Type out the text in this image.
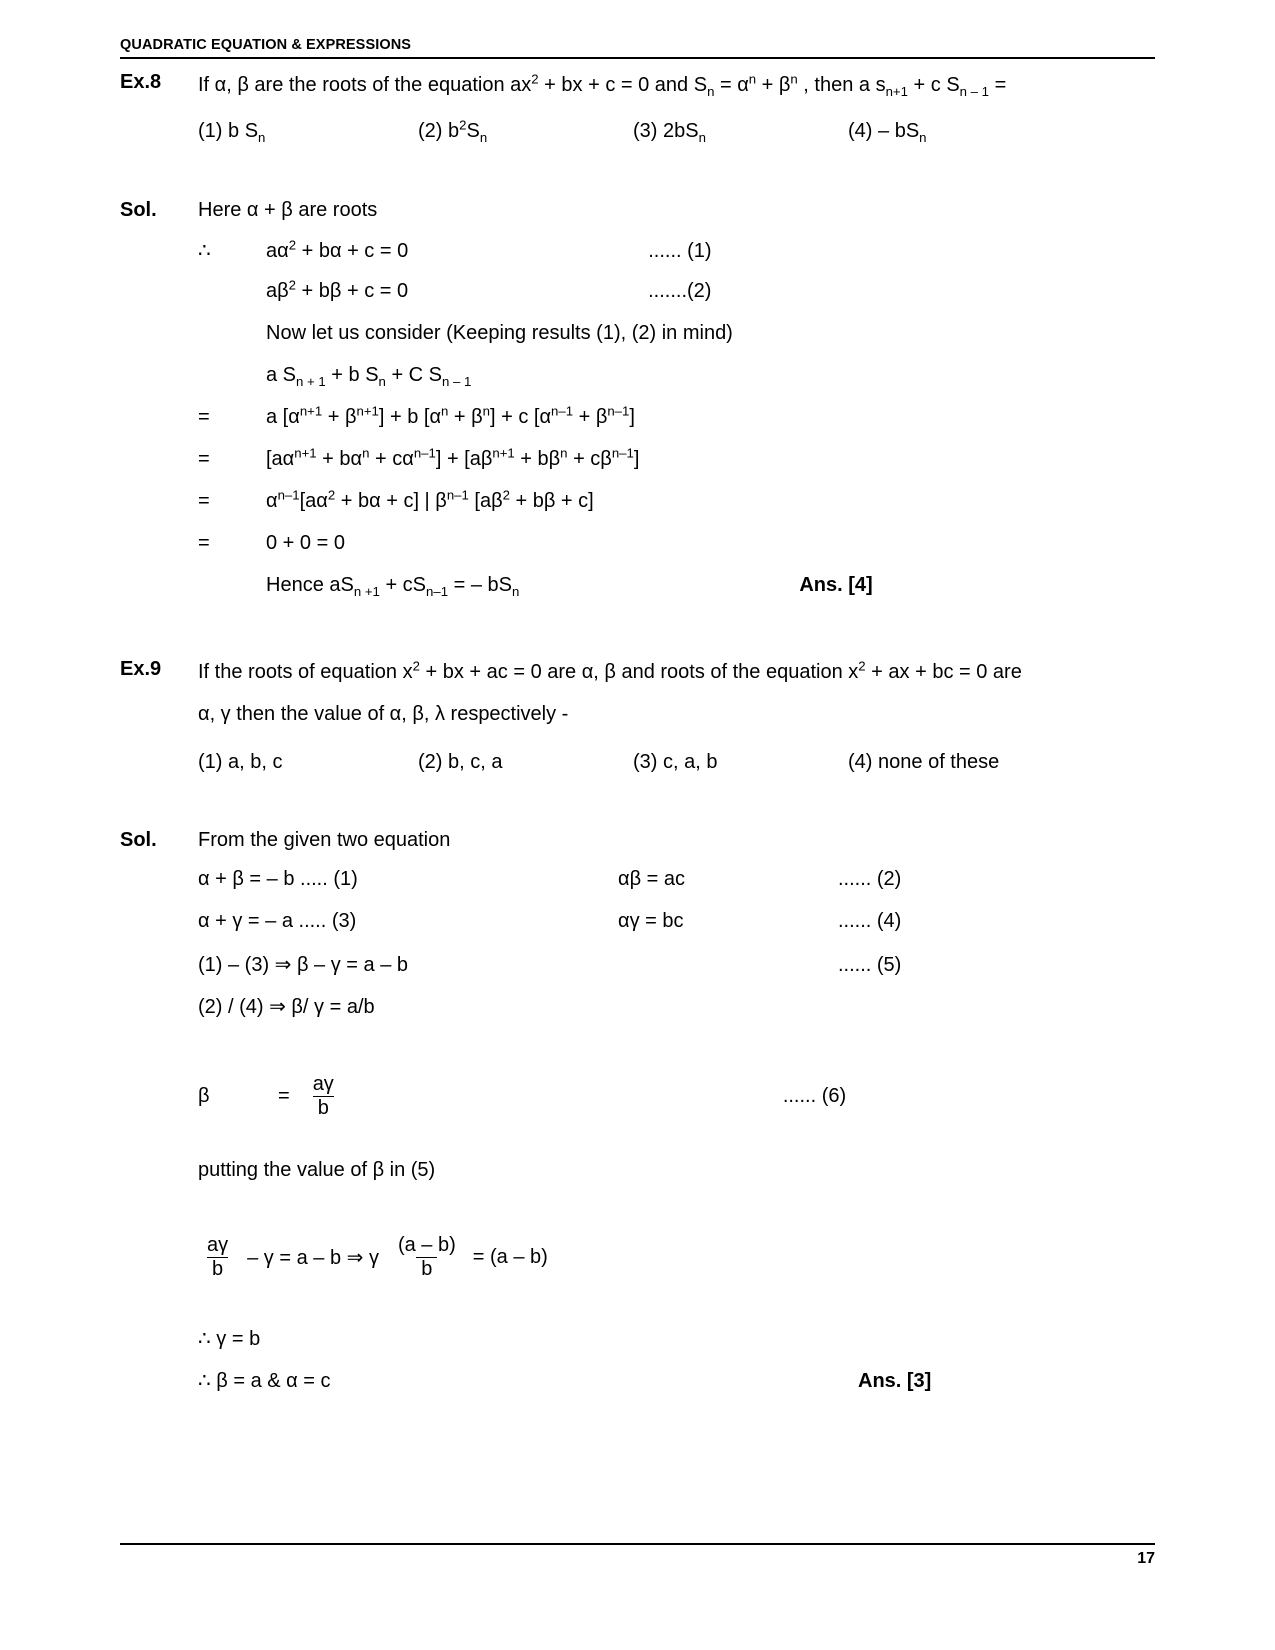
QUADRATIC EQUATION & EXPRESSIONS
Ex.8	If α, β are the roots of the equation $ax^2$ + bx + c = 0 and $S_n = \alpha^n + \beta^n$ , then a $s_{n+1} + c$ $S_{n - 1}$ =
(1) b $S_n$	(2) $b^2S_n$	(3) $2bS_n$	$(4) - bS_n$
Sol.	Here α + β are roots
∴	$a\alpha^2 + b\alpha + c = 0$	...... (1)
$a\beta^2 + b\beta + c = 0$	.......(2)
Now let us consider (Keeping results (1), (2) in mind)
a $S_{n + 1} + b$ $S_n + C$ $S_{n - 1}$
=	a $[\alpha^{n+1} + \beta^{n+1}] + b$ $[\alpha^n + \beta^n] + c$ $[\alpha^{n-1} + \beta^{n-1}]$
=	$[a\alpha^{n+1} + b\alpha^n + c\alpha^{n-1}] + [a\beta^{n+1} + b\beta^n + c\beta^{n-1}]$
=	$\alpha^{n-1}[a\alpha^2 + b\alpha + c]$ | $\beta^{n-1}$ $[a\beta^2 + b\beta + c]$
=	0 + 0 = 0
Hence $aS_{n +1} + cS_{n-1}$ = – $bS_n$	Ans. [4]
Ex.9	If the roots of equation $x^2$ + bx + ac = 0 are α, β and roots of the equation $x^2$ + ax + bc = 0 are
α, γ then the value of α, β, λ respectively -
(1) a, b, c	(2) b, c, a	(3) c, a, b	(4) none of these
Sol.	From the given two equation
α + β = – b ..... (1)	αβ = ac	...... (2)
α + γ = – a ..... (3)	αγ = bc	...... (4)
(1) – (3) ⇒ β – γ = a – b	...... (5)
(2) / (4) ⇒ β/ γ = a/b
β	= $\frac{a\gamma}{b}$	...... (6)
putting the value of β in (5)
$\frac{a\gamma}{b} - \gamma = a - b$ ⇒ γ $\frac{(a - b)}{b} = (a - b)$
∴ γ = b
∴ β = a & α = c	Ans. [3]
17
